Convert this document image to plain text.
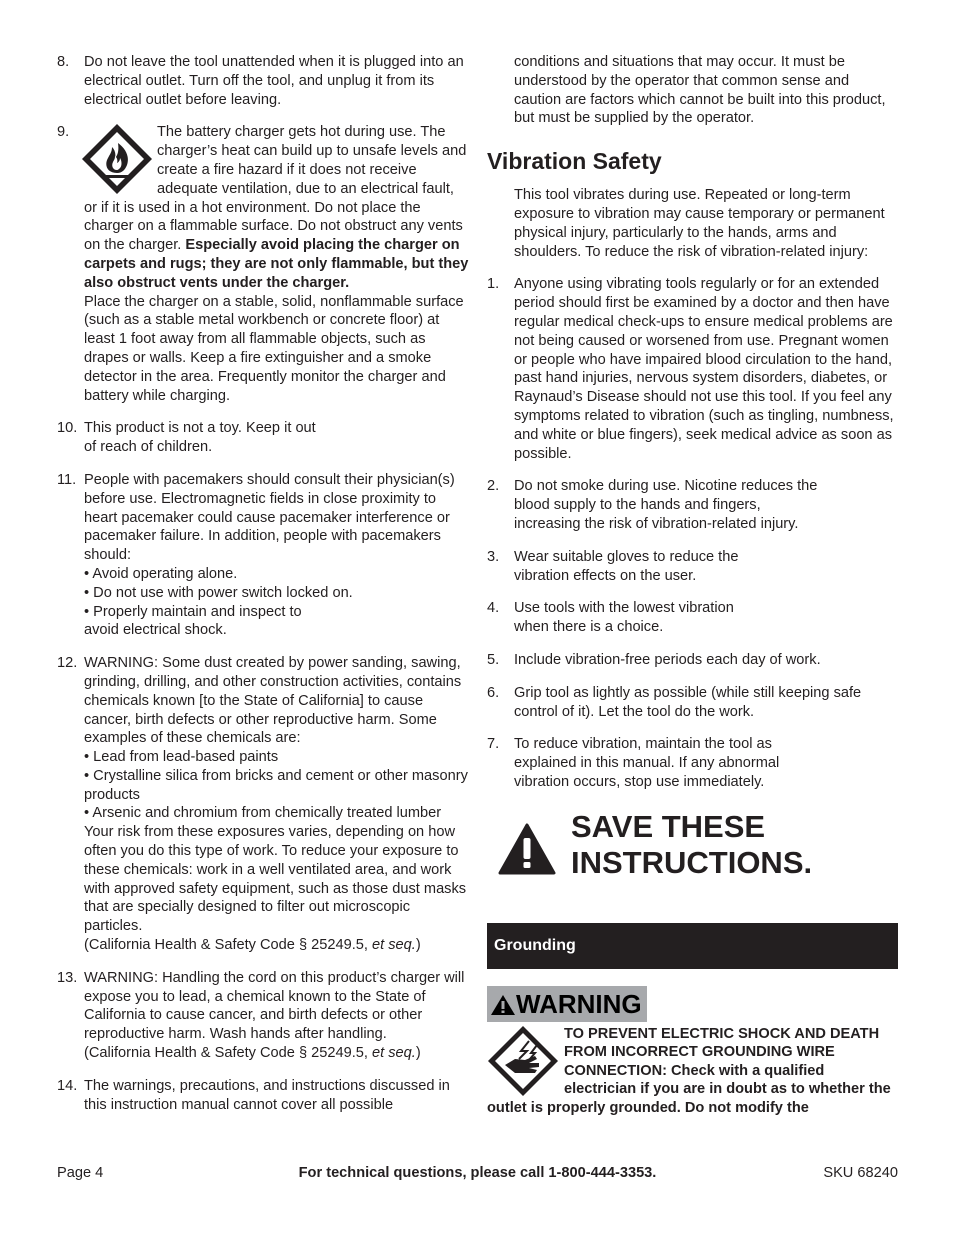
8. Do not leave the tool unattended when it is plugged into an electrical outlet. Turn off the tool, and unplug it from its electrical outlet before leaving.
9.	The battery charger gets hot during use. The charger’s heat can build up to unsafe levels and create a fire hazard if it does not receive adequate ventilation, due to an electrical fault, or if it is used in a hot environment. Do not place the charger on a flammable surface. Do not obstruct any vents on the charger. Especially avoid placing the charger on carpets and rugs; they are not only flammable, but they also obstruct vents under the charger.
Place the charger on a stable, solid, nonflammable surface (such as a stable metal workbench or concrete floor) at least 1 foot away from all flammable objects, such as drapes or walls. Keep a fire extinguisher and a smoke detector in the area. Frequently monitor the charger and battery while charging.
10. This product is not a toy. Keep it out of reach of children.
11. People with pacemakers should consult their physician(s) before use. Electromagnetic fields in close proximity to heart pacemaker could cause pacemaker interference or pacemaker failure. In addition, people with pacemakers should:
• Avoid operating alone.
• Do not use with power switch locked on.
• Properly maintain and inspect to avoid electrical shock.
12. WARNING: Some dust created by power sanding, sawing, grinding, drilling, and other construction activities, contains chemicals known [to the State of California] to cause cancer, birth defects or other reproductive harm. Some examples of these chemicals are:
• Lead from lead-based paints
• Crystalline silica from bricks and cement or other masonry products
• Arsenic and chromium from chemically treated lumber
Your risk from these exposures varies, depending on how often you do this type of work. To reduce your exposure to these chemicals: work in a well ventilated area, and work with approved safety equipment, such as those dust masks that are specially designed to filter out microscopic particles.
(California Health & Safety Code § 25249.5, et seq.)
13. WARNING: Handling the cord on this product’s charger will expose you to lead, a chemical known to the State of California to cause cancer, and birth defects or other reproductive harm. Wash hands after handling.
(California Health & Safety Code § 25249.5, et seq.)
14. The warnings, precautions, and instructions discussed in this instruction manual cannot cover all possible
conditions and situations that may occur. It must be understood by the operator that common sense and caution are factors which cannot be built into this product, but must be supplied by the operator.
Vibration Safety
This tool vibrates during use. Repeated or long-term exposure to vibration may cause temporary or permanent physical injury, particularly to the hands, arms and shoulders. To reduce the risk of vibration-related injury:
1. Anyone using vibrating tools regularly or for an extended period should first be examined by a doctor and then have regular medical check-ups to ensure medical problems are not being caused or worsened from use. Pregnant women or people who have impaired blood circulation to the hand, past hand injuries, nervous system disorders, diabetes, or Raynaud’s Disease should not use this tool. If you feel any symptoms related to vibration (such as tingling, numbness, and white or blue fingers), seek medical advice as soon as possible.
2. Do not smoke during use. Nicotine reduces the blood supply to the hands and fingers, increasing the risk of vibration-related injury.
3. Wear suitable gloves to reduce the vibration effects on the user.
4. Use tools with the lowest vibration when there is a choice.
5. Include vibration-free periods each day of work.
6. Grip tool as lightly as possible (while still keeping safe control of it). Let the tool do the work.
7. To reduce vibration, maintain the tool as explained in this manual. If any abnormal vibration occurs, stop use immediately.
SAVE THESE
INSTRUCTIONS.
Grounding
WARNING
TO PREVENT ELECTRIC SHOCK AND DEATH FROM INCORRECT GROUNDING WIRE CONNECTION: Check with a qualified electrician if you are in doubt as to whether the outlet is properly grounded. Do not modify the
Page 4	For technical questions, please call 1-800-444-3353.	SKU 68240
